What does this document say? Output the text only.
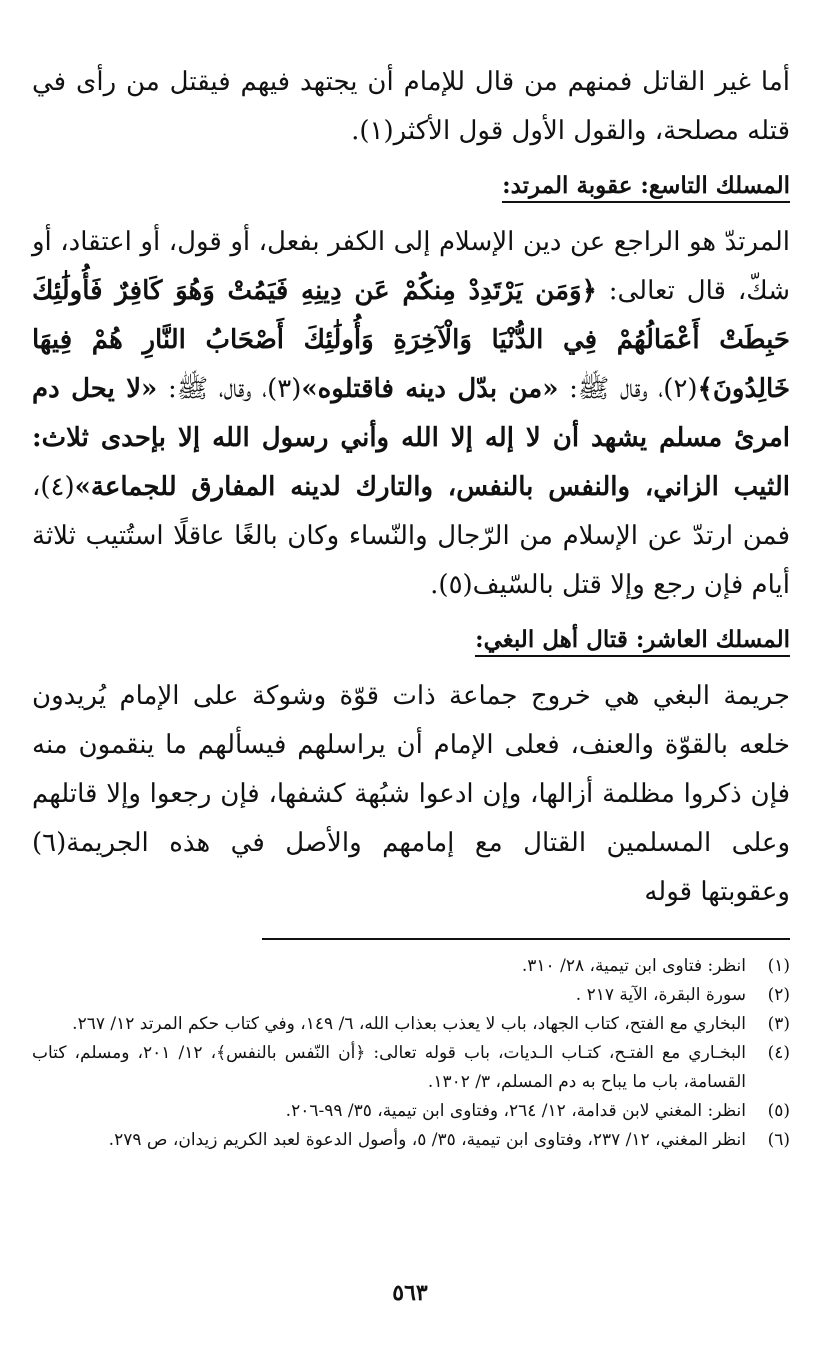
أما غير القاتل فمنهم من قال للإمام أن يجتهد فيهم فيقتل من رأى في قتله مصلحة، والقول الأول قول الأكثر(١).

المسلك التاسع: عقوبة المرتد:

المرتدّ هو الراجع عن دين الإسلام إلى الكفر بفعل، أو قول، أو اعتقاد، أو شكّ، قال تعالى: ﴿وَمَن يَرْتَدِدْ مِنكُمْ عَن دِينِهِ فَيَمُتْ وَهُوَ كَافِرٌ فَأُولَٰئِكَ حَبِطَتْ أَعْمَالُهُمْ فِي الدُّنْيَا وَالْآخِرَةِ وَأُولَٰئِكَ أَصْحَابُ النَّارِ هُمْ فِيهَا خَالِدُونَ﴾(٢)، وقال ﷺ: «من بدّل دينه فاقتلوه»(٣)، وقال، ﷺ: «لا يحل دم امرئ مسلم يشهد أن لا إله إلا الله وأني رسول الله إلا بإحدى ثلاث: الثيب الزاني، والنفس بالنفس، والتارك لدينه المفارق للجماعة»(٤)، فمن ارتدّ عن الإسلام من الرّجال والنّساء وكان بالغًا عاقلًا استُتيب ثلاثة أيام فإن رجع وإلا قتل بالسّيف(٥).

المسلك العاشر: قتال أهل البغي:

جريمة البغي هي خروج جماعة ذات قوّة وشوكة على الإمام يُريدون خلعه بالقوّة والعنف، فعلى الإمام أن يراسلهم فيسألهم ما ينقمون منه فإن ذكروا مظلمة أزالها، وإن ادعوا شبُهة كشفها، فإن رجعوا وإلا قاتلهم وعلى المسلمين القتال مع إمامهم والأصل في هذه الجريمة(٦) وعقوبتها قوله

(١)
انظر: فتاوى ابن تيمية، ٢٨/ ٣١٠.
(٢)
سورة البقرة، الآية ٢١٧ .
(٣)
البخاري مع الفتح، كتاب الجهاد، باب لا يعذب بعذاب الله، ٦/ ١٤٩، وفي كتاب حكم المرتد ١٢/ ٢٦٧.
(٤)
البخـاري مع الفتـح، كتـاب الـديات، باب قوله تعالى: ﴿أن النّفس بالنفس﴾، ١٢/ ٢٠١، ومسلم، كتاب القسامة، باب ما يباح به دم المسلم، ٣/ ١٣٠٢.
(٥)
انظر: المغني لابن قدامة، ١٢/ ٢٦٤، وفتاوى ابن تيمية، ٣٥/ ٩٩-٢٠٦.
(٦)
انظر المغني، ١٢/ ٢٣٧، وفتاوى ابن تيمية، ٣٥/ ٥، وأصول الدعوة لعبد الكريم زيدان، ص ٢٧٩.
٥٦٣
